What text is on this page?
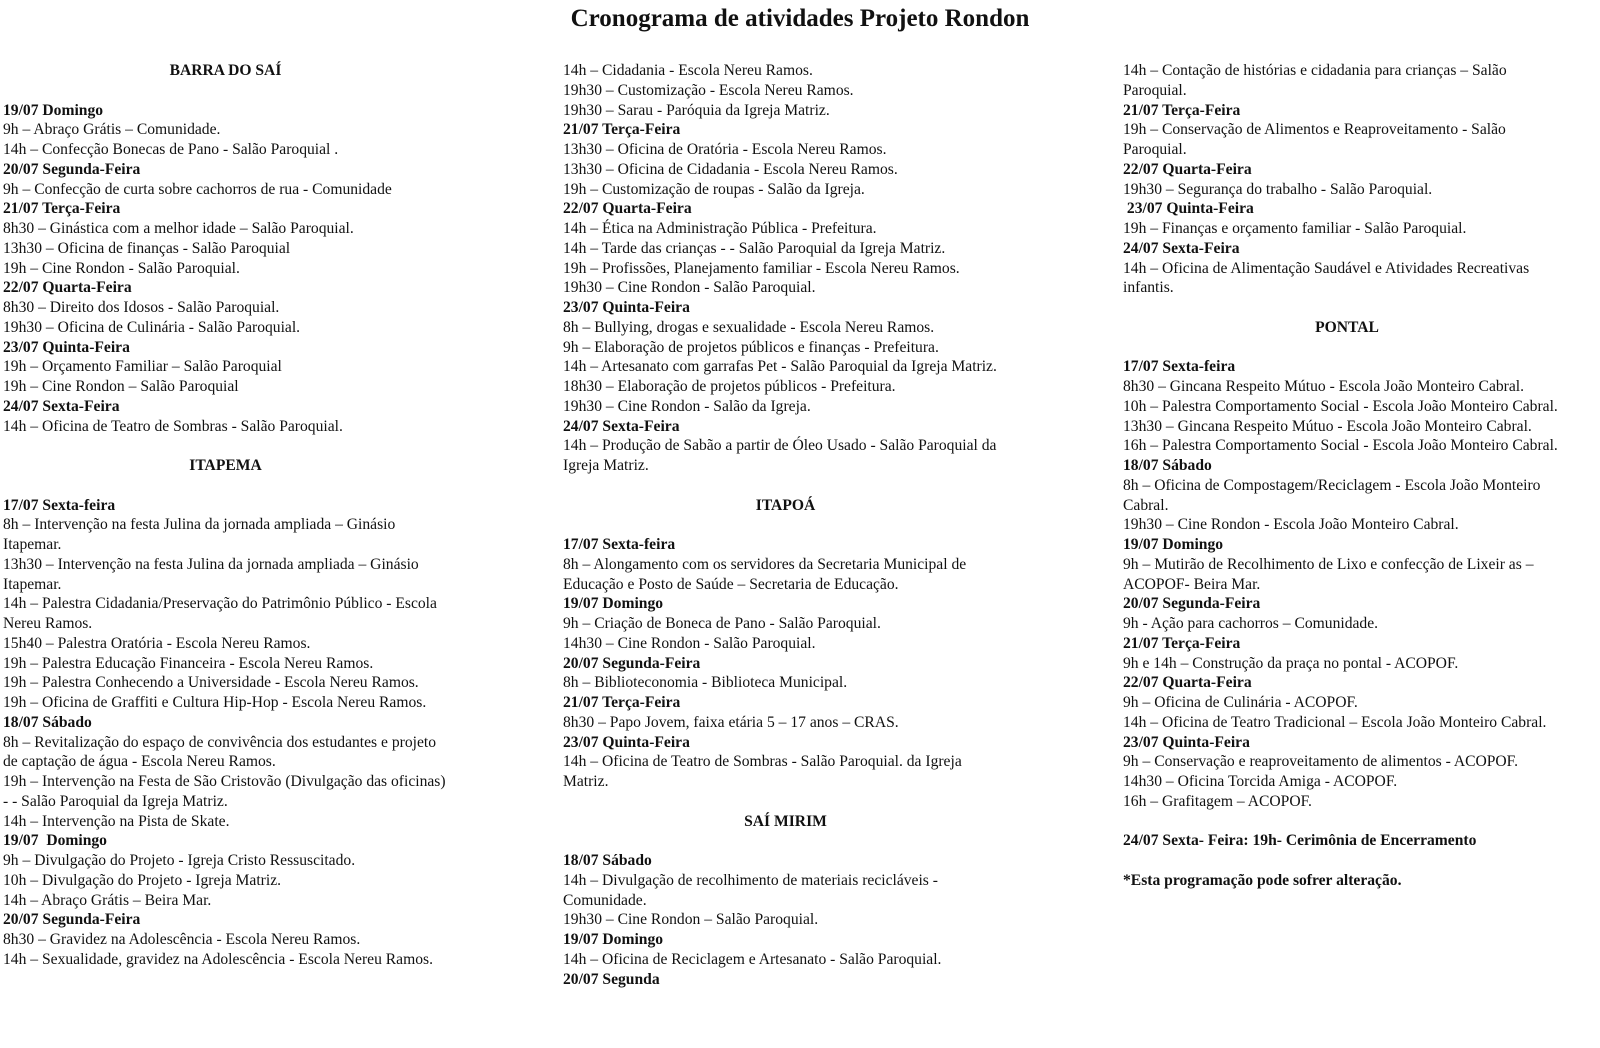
Cronograma de atividades Projeto Rondon
BARRA DO SAÍ
19/07 Domingo
9h – Abraço Grátis – Comunidade.
14h – Confecção Bonecas de Pano - Salão Paroquial .
20/07 Segunda-Feira
9h – Confecção de curta sobre cachorros de rua - Comunidade
21/07 Terça-Feira
8h30 – Ginástica com a melhor idade – Salão Paroquial.
13h30 – Oficina de finanças - Salão Paroquial
19h – Cine Rondon - Salão Paroquial.
22/07 Quarta-Feira
8h30 – Direito dos Idosos - Salão Paroquial.
19h30 – Oficina de Culinária - Salão Paroquial.
23/07 Quinta-Feira
19h – Orçamento Familiar – Salão Paroquial
19h – Cine Rondon – Salão Paroquial
24/07 Sexta-Feira
14h – Oficina de Teatro de Sombras - Salão Paroquial.
ITAPEMA
17/07 Sexta-feira
8h – Intervenção na festa Julina da jornada ampliada – Ginásio Itapemar.
13h30 – Intervenção na festa Julina da jornada ampliada – Ginásio Itapemar.
14h – Palestra Cidadania/Preservação do Patrimônio Público - Escola Nereu Ramos.
15h40 – Palestra Oratória - Escola Nereu Ramos.
19h – Palestra Educação Financeira - Escola Nereu Ramos.
19h – Palestra Conhecendo a Universidade - Escola Nereu Ramos.
19h – Oficina de Graffiti e Cultura Hip-Hop - Escola Nereu Ramos.
18/07 Sábado
8h – Revitalização do espaço de convivência dos estudantes e projeto de captação de água - Escola Nereu Ramos.
19h – Intervenção na Festa de São Cristovão (Divulgação das oficinas) - - Salão Paroquial da Igreja Matriz.
14h – Intervenção na Pista de Skate.
19/07  Domingo
9h – Divulgação do Projeto - Igreja Cristo Ressuscitado.
10h – Divulgação do Projeto - Igreja Matriz.
14h – Abraço Grátis – Beira Mar.
20/07 Segunda-Feira
8h30 – Gravidez na Adolescência - Escola Nereu Ramos.
14h – Sexualidade, gravidez na Adolescência - Escola Nereu Ramos.
14h – Cidadania - Escola Nereu Ramos.
19h30 – Customização - Escola Nereu Ramos.
19h30 – Sarau - Paróquia da Igreja Matriz.
21/07 Terça-Feira
13h30 – Oficina de Oratória - Escola Nereu Ramos.
13h30 – Oficina de Cidadania - Escola Nereu Ramos.
19h – Customização de roupas - Salão da Igreja.
22/07 Quarta-Feira
14h – Ética na Administração Pública - Prefeitura.
14h – Tarde das crianças - - Salão Paroquial da Igreja Matriz.
19h – Profissões, Planejamento familiar - Escola Nereu Ramos.
19h30 – Cine Rondon - Salão Paroquial.
23/07 Quinta-Feira
8h – Bullying, drogas e sexualidade - Escola Nereu Ramos.
9h – Elaboração de projetos públicos e finanças - Prefeitura.
14h – Artesanato com garrafas Pet - Salão Paroquial da Igreja Matriz.
18h30 – Elaboração de projetos públicos - Prefeitura.
19h30 – Cine Rondon - Salão da Igreja.
24/07 Sexta-Feira
14h – Produção de Sabão a partir de Óleo Usado - Salão Paroquial da Igreja Matriz.
ITAPOÁ
17/07 Sexta-feira
8h – Alongamento com os servidores da Secretaria Municipal de Educação e Posto de Saúde – Secretaria de Educação.
19/07 Domingo
9h – Criação de Boneca de Pano - Salão Paroquial.
14h30 – Cine Rondon - Salão Paroquial.
20/07 Segunda-Feira
8h – Biblioteconomia - Biblioteca Municipal.
21/07 Terça-Feira
8h30 – Papo Jovem, faixa etária 5 – 17 anos – CRAS.
23/07 Quinta-Feira
14h – Oficina de Teatro de Sombras - Salão Paroquial. da Igreja Matriz.
SAÍ MIRIM
18/07 Sábado
14h – Divulgação de recolhimento de materiais recicláveis - Comunidade.
19h30 – Cine Rondon – Salão Paroquial.
19/07 Domingo
14h – Oficina de Reciclagem e Artesanato - Salão Paroquial.
20/07 Segunda
14h – Contação de histórias e cidadania para crianças – Salão Paroquial.
21/07 Terça-Feira
19h – Conservação de Alimentos e Reaproveitamento - Salão Paroquial.
22/07 Quarta-Feira
19h30 – Segurança do trabalho - Salão Paroquial.
23/07 Quinta-Feira
19h – Finanças e orçamento familiar - Salão Paroquial.
24/07 Sexta-Feira
14h – Oficina de Alimentação Saudável e Atividades Recreativas infantis.
PONTAL
17/07 Sexta-feira
8h30 – Gincana Respeito Mútuo - Escola João Monteiro Cabral.
10h – Palestra Comportamento Social - Escola João Monteiro Cabral.
13h30 – Gincana Respeito Mútuo - Escola João Monteiro Cabral.
16h – Palestra Comportamento Social - Escola João Monteiro Cabral.
18/07 Sábado
8h – Oficina de Compostagem/Reciclagem - Escola João Monteiro Cabral.
19h30 – Cine Rondon - Escola João Monteiro Cabral.
19/07 Domingo
9h – Mutirão de Recolhimento de Lixo e confecção de Lixeir as – ACOPOF- Beira Mar.
20/07 Segunda-Feira
9h - Ação para cachorros – Comunidade.
21/07 Terça-Feira
9h e 14h – Construção da praça no pontal - ACOPOF.
22/07 Quarta-Feira
9h – Oficina de Culinária - ACOPOF.
14h – Oficina de Teatro Tradicional – Escola João Monteiro Cabral.
23/07 Quinta-Feira
9h – Conservação e reaproveitamento de alimentos - ACOPOF.
14h30 – Oficina Torcida Amiga - ACOPOF.
16h – Grafitagem – ACOPOF.
24/07 Sexta- Feira: 19h- Cerimônia de Encerramento
*Esta programação pode sofrer alteração.
